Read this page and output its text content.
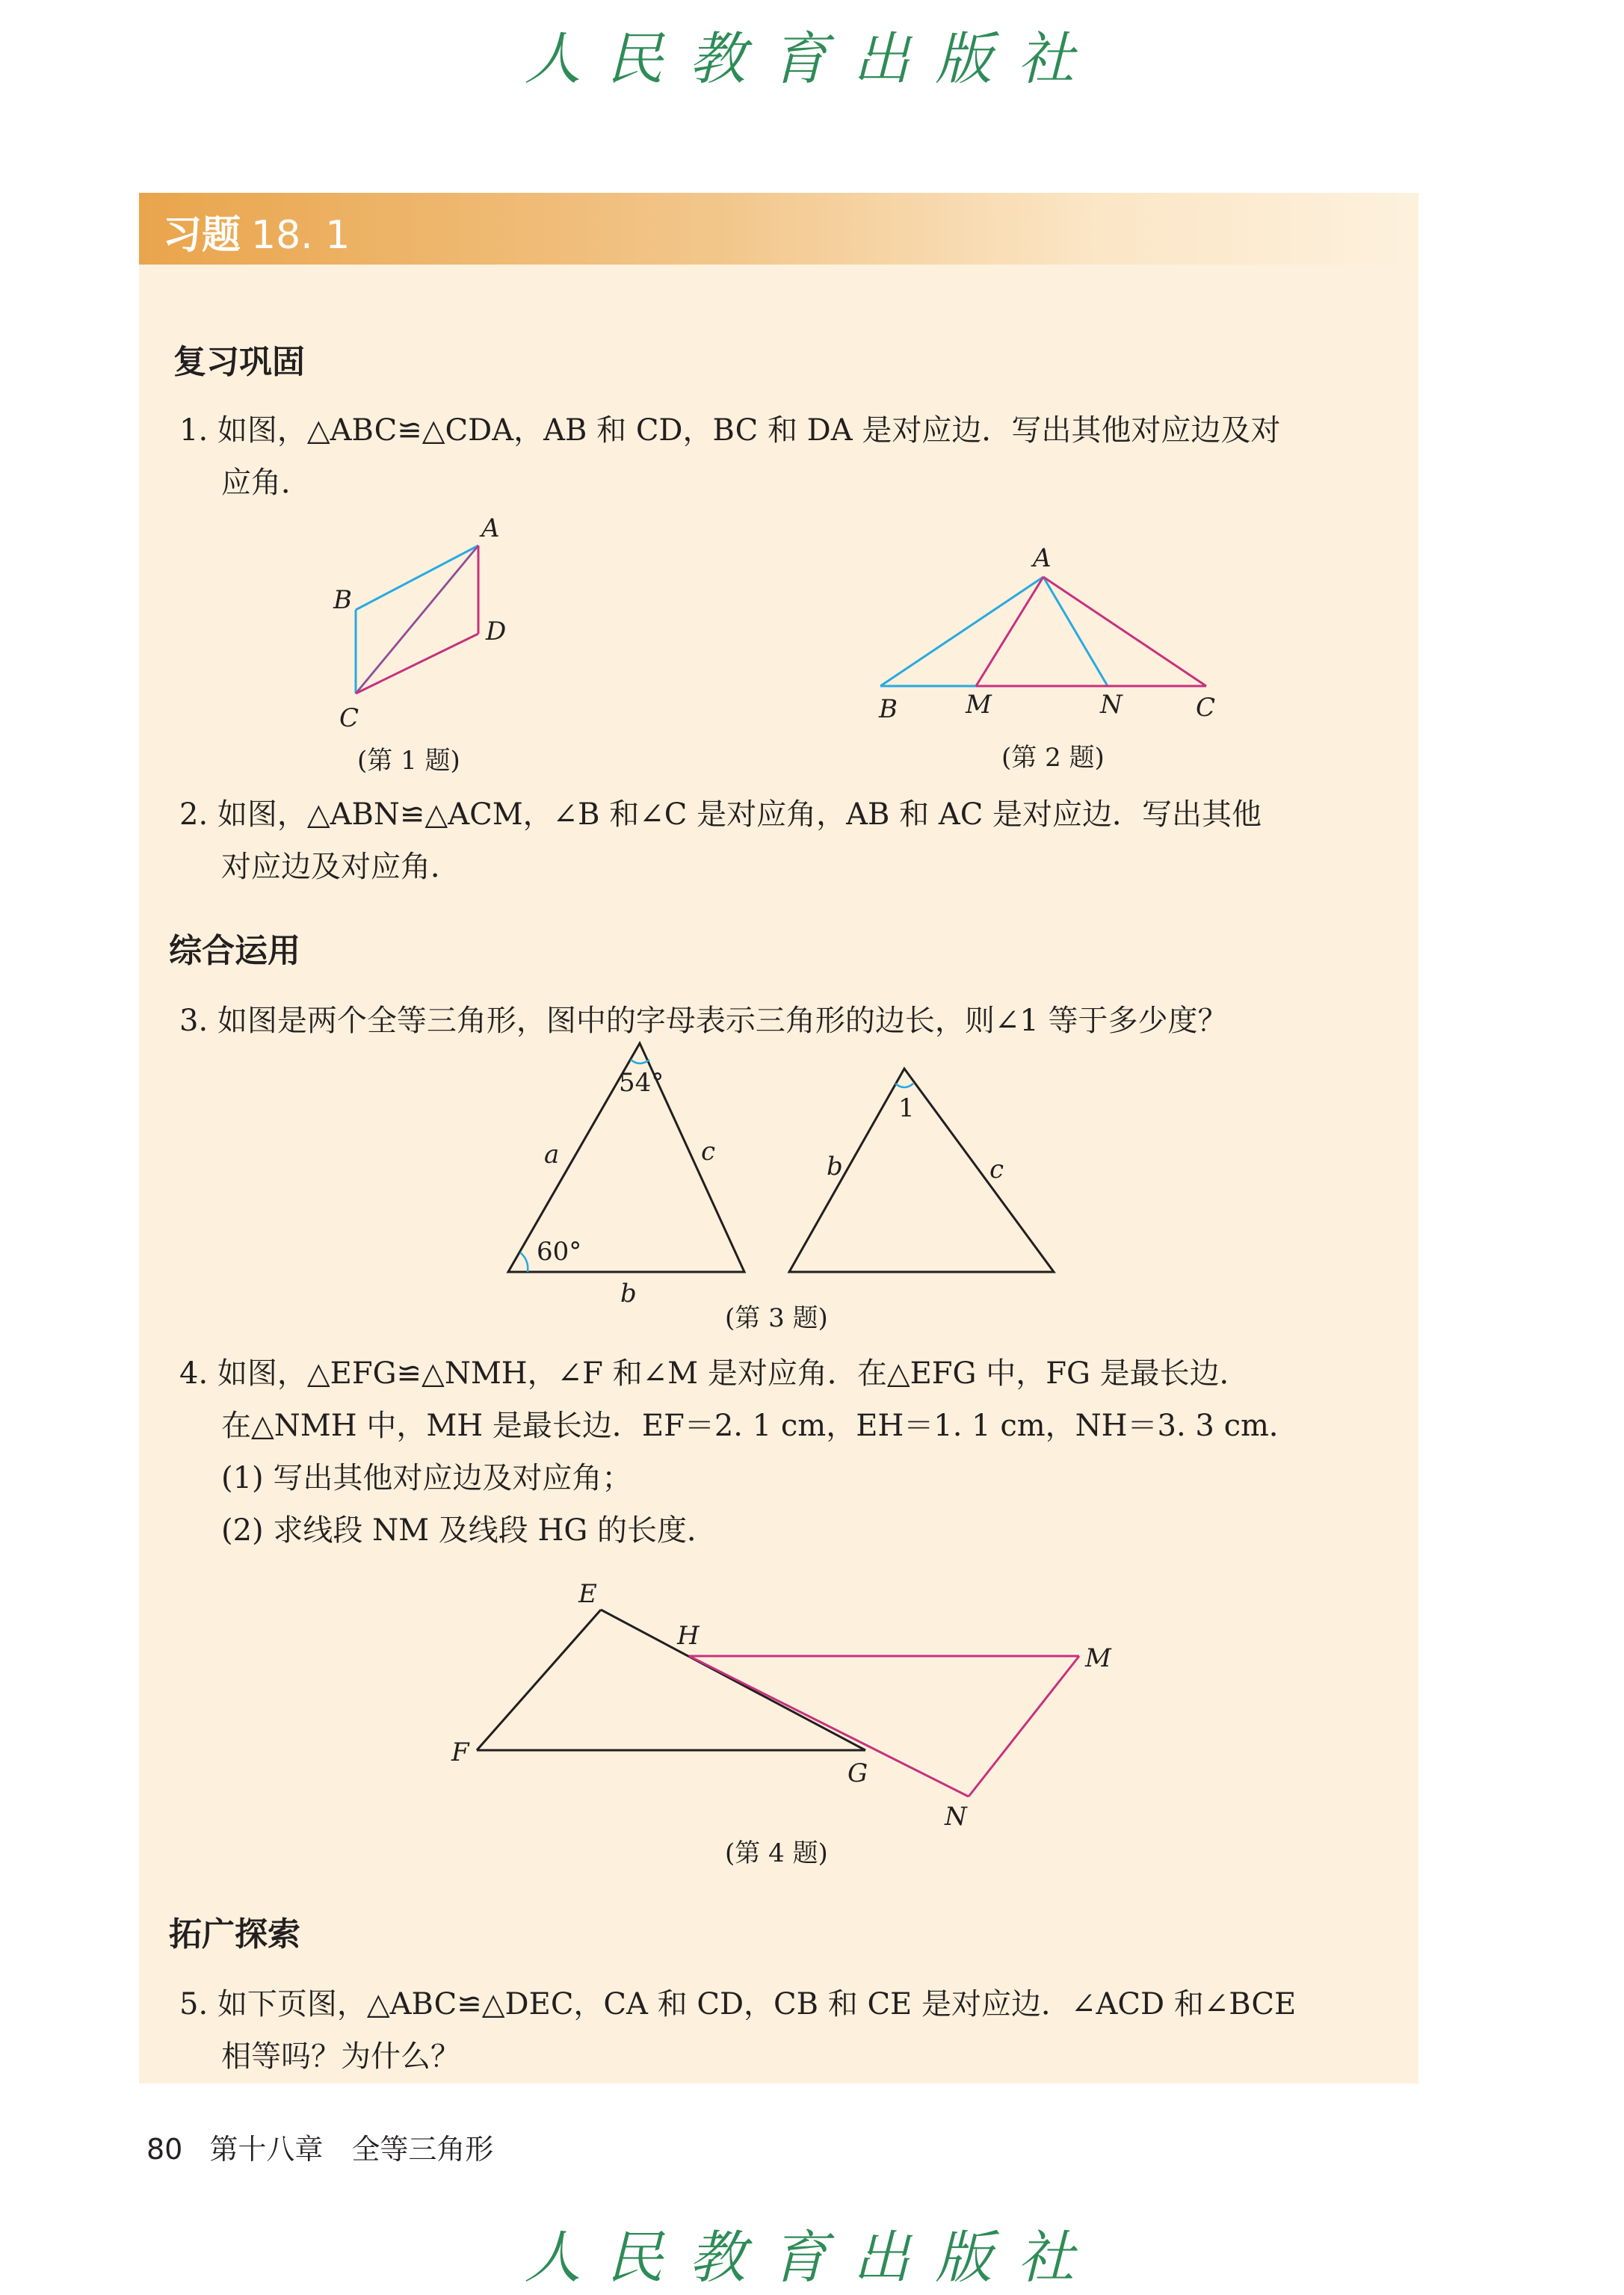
人民教育出版社
习题 18. 1
复习巩固
1. 如图，△ABC≌△CDA，AB 和 CD，BC 和 DA 是对应边．写出其他对应边及对
应角．
A
B
D
C
(第 1 题)
A
B	M	N	C
(第 2 题)
2. 如图，△ABN≌△ACM，∠B 和∠C 是对应角，AB 和 AC 是对应边．写出其他
对应边及对应角．
综合运用
3. 如图是两个全等三角形，图中的字母表示三角形的边长，则∠1 等于多少度？
54°
60°
a	c
b
1
b	c
(第 3 题)
4. 如图，△EFG≌△NMH，∠F 和∠M 是对应角．在△EFG 中，FG 是最长边．
在△NMH 中，MH 是最长边．EF＝2. 1 cm，EH＝1. 1 cm，NH＝3. 3 cm．
(1) 写出其他对应边及对应角；
(2) 求线段 NM 及线段 HG 的长度．
E
H
M
F
G
N
(第 4 题)
拓广探索
5. 如下页图，△ABC≌△DEC，CA 和 CD，CB 和 CE 是对应边．∠ACD 和∠BCE
相等吗？为什么？
80 第十八章　全等三角形
人民教育出版社
